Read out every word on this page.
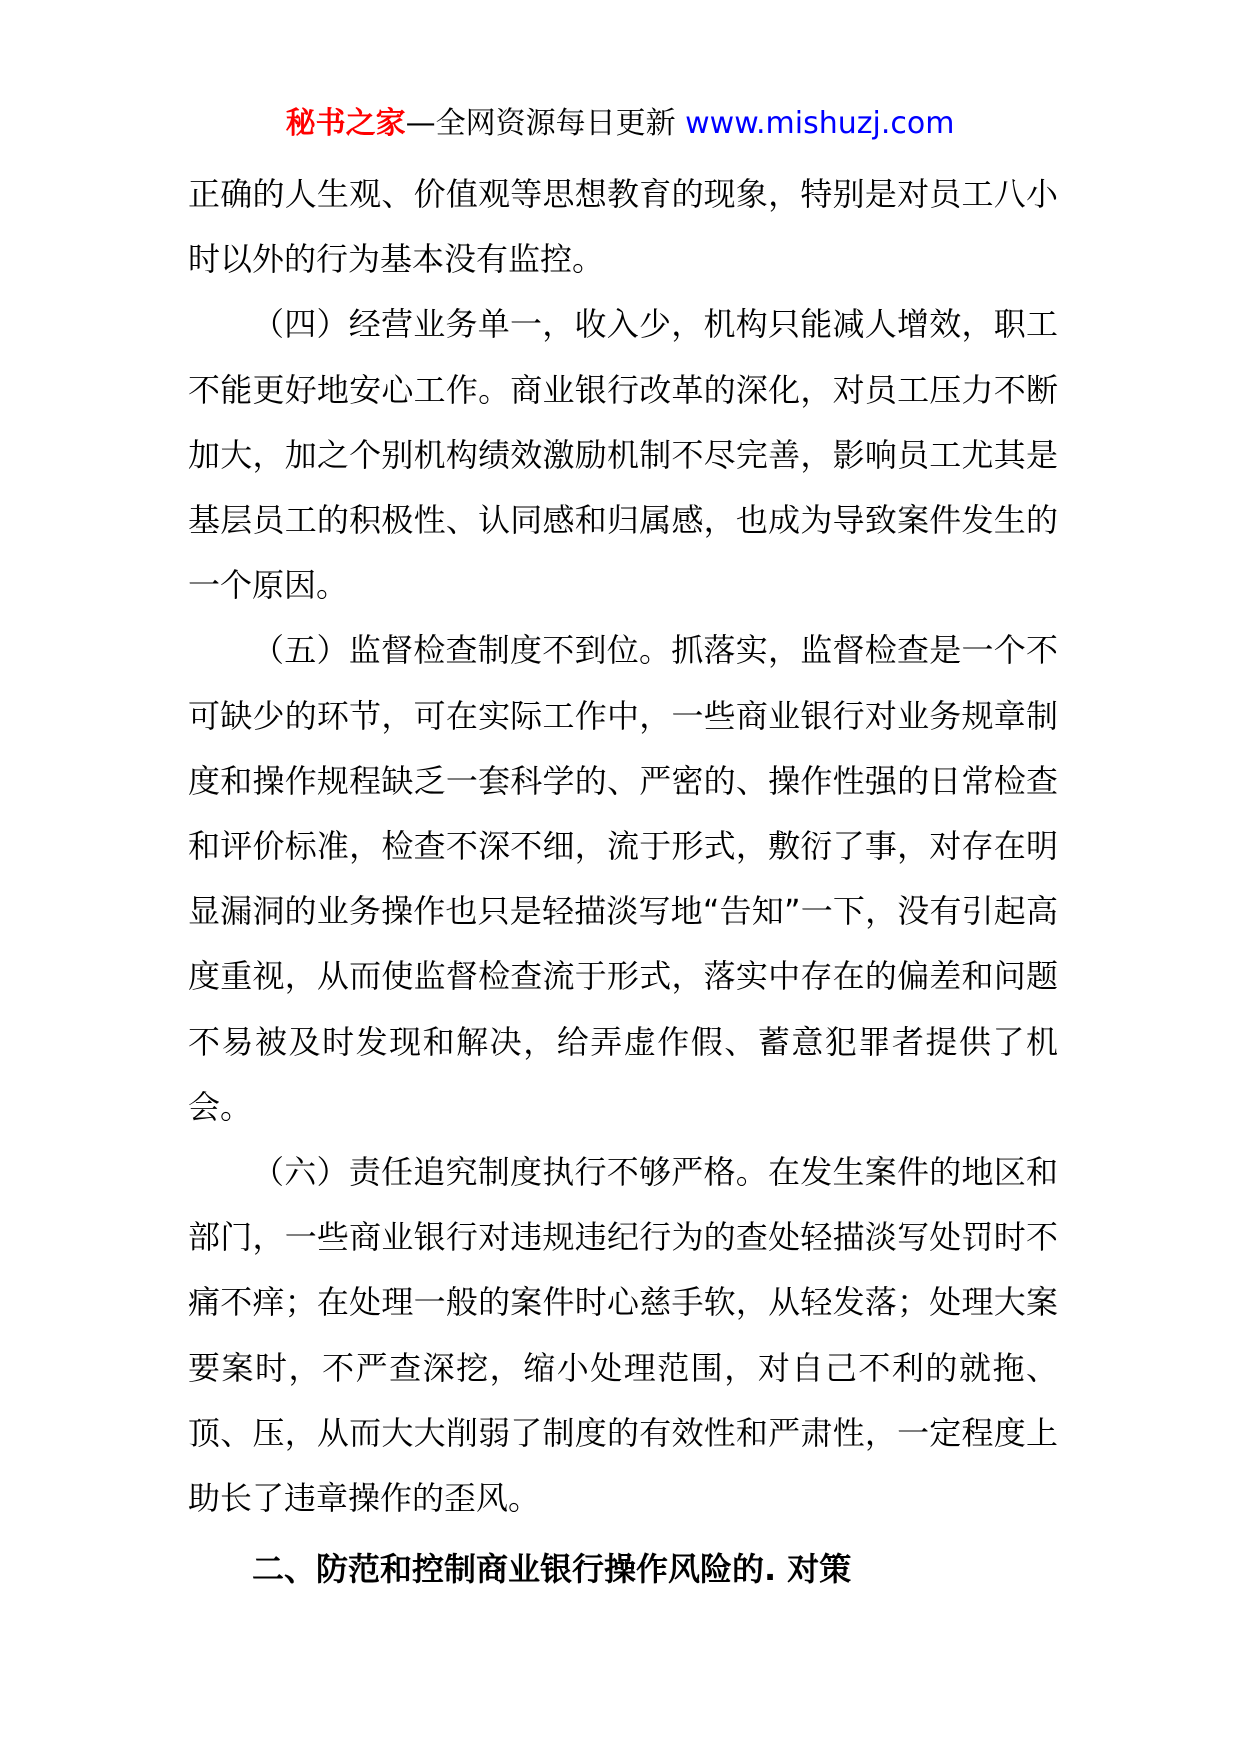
秘书之家—全网资源每日更新 www.mishuzj.com

正确的人生观、价值观等思想教育的现象，特别是对员工八小时以外的行为基本没有监控。

（四）经营业务单一，收入少，机构只能减人增效，职工不能更好地安心工作。商业银行改革的深化，对员工压力不断加大，加之个别机构绩效激励机制不尽完善，影响员工尤其是基层员工的积极性、认同感和归属感，也成为导致案件发生的一个原因。

（五）监督检查制度不到位。抓落实，监督检查是一个不可缺少的环节，可在实际工作中，一些商业银行对业务规章制度和操作规程缺乏一套科学的、严密的、操作性强的日常检查和评价标准，检查不深不细，流于形式，敷衍了事，对存在明显漏洞的业务操作也只是轻描淡写地“告知”一下，没有引起高度重视，从而使监督检查流于形式，落实中存在的偏差和问题不易被及时发现和解决，给弄虚作假、蓄意犯罪者提供了机会。

（六）责任追究制度执行不够严格。在发生案件的地区和部门，一些商业银行对违规违纪行为的查处轻描淡写处罚时不痛不痒；在处理一般的案件时心慈手软，从轻发落；处理大案要案时，不严查深挖，缩小处理范围，对自己不利的就拖、顶、压，从而大大削弱了制度的有效性和严肃性，一定程度上助长了违章操作的歪风。

二、防范和控制商业银行操作风险的. 对策
